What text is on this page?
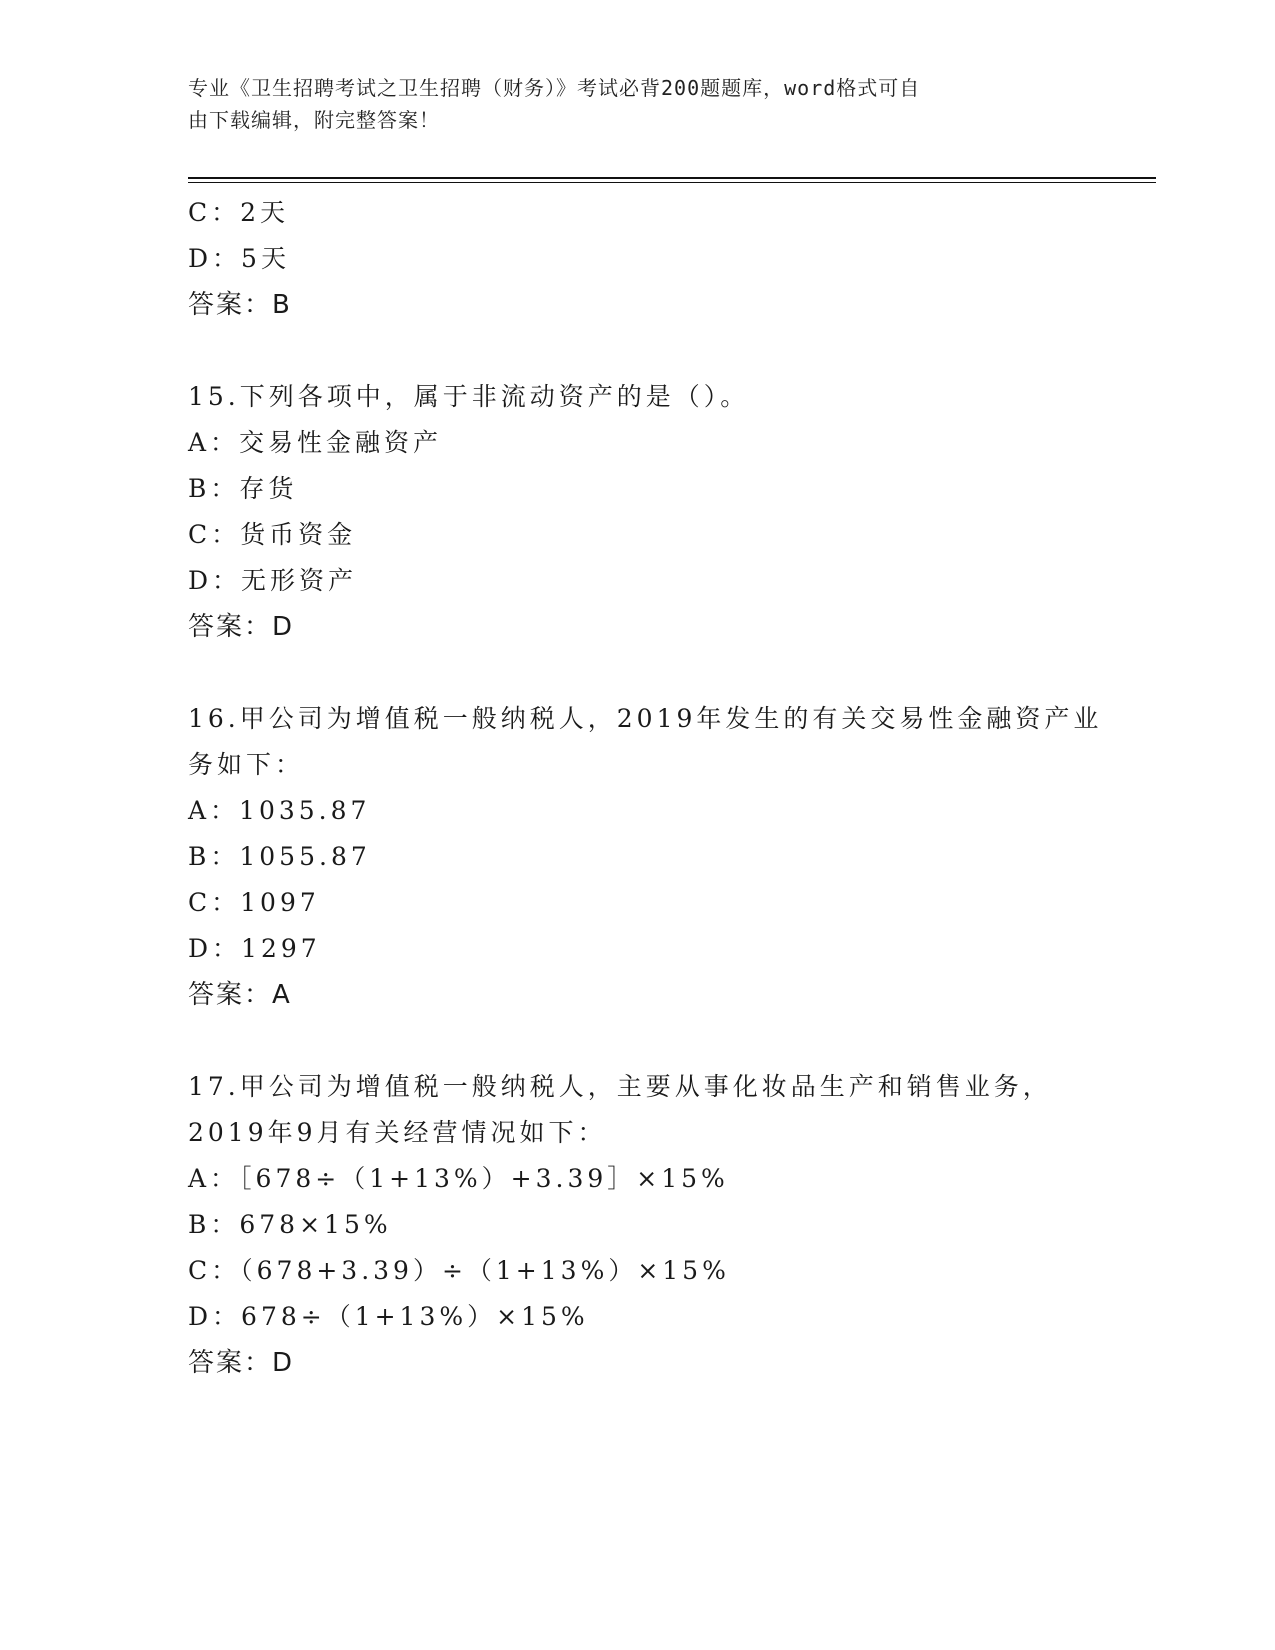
专业《卫生招聘考试之卫生招聘（财务）》考试必背200题题库，word格式可自
由下载编辑，附完整答案！
C：2天
D：5天
答案：B
15.下列各项中，属于非流动资产的是（）。
A：交易性金融资产
B：存货
C：货币资金
D：无形资产
答案：D
16.甲公司为增值税一般纳税人，2019年发生的有关交易性金融资产业
务如下：
A：1035.87
B：1055.87
C：1097
D：1297
答案：A
17.甲公司为增值税一般纳税人，主要从事化妆品生产和销售业务，
2019年9月有关经营情况如下：
A：［678÷（1+13%）+3.39］×15%
B：678×15%
C：（678+3.39）÷（1+13%）×15%
D：678÷（1+13%）×15%
答案：D
